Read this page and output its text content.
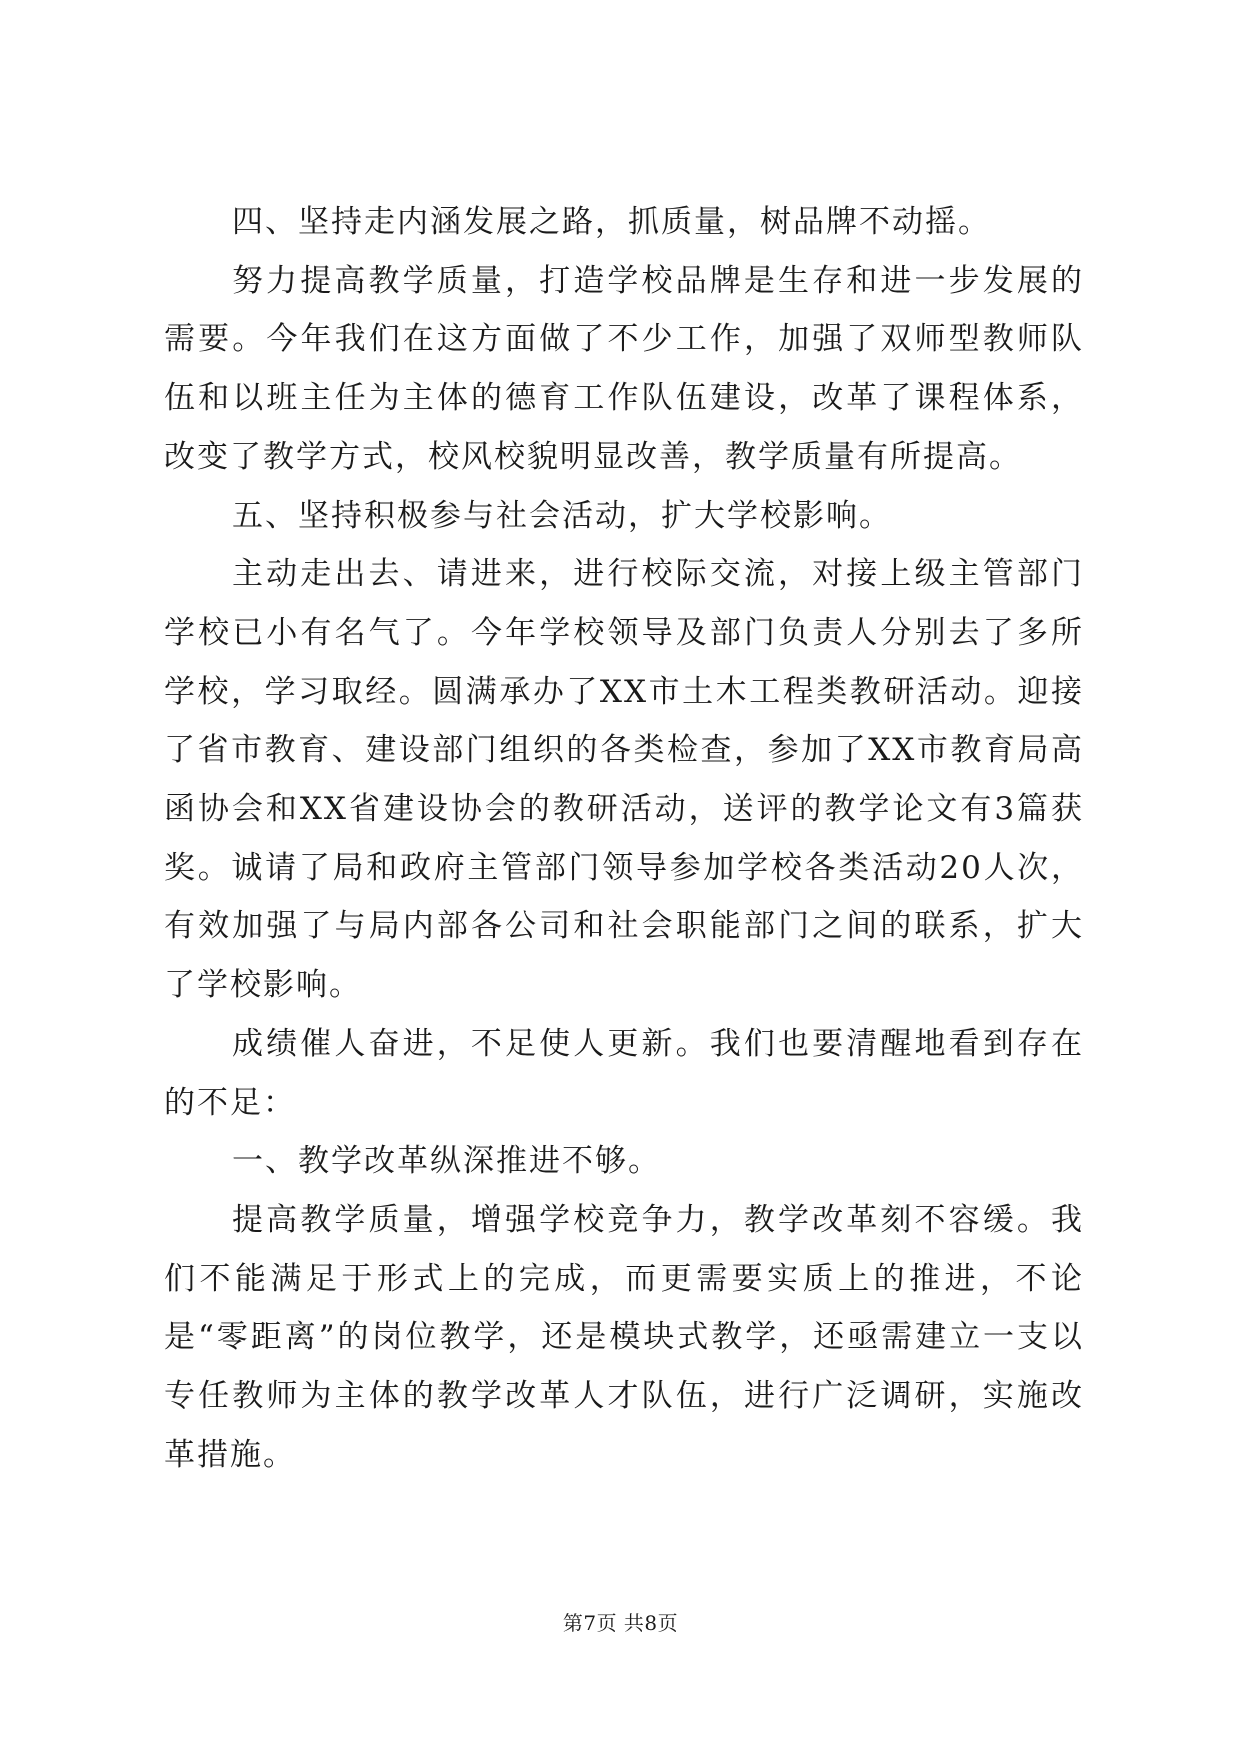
四、坚持走内涵发展之路，抓质量，树品牌不动摇。

努力提高教学质量，打造学校品牌是生存和进一步发展的需要。今年我们在这方面做了不少工作，加强了双师型教师队伍和以班主任为主体的德育工作队伍建设，改革了课程体系，改变了教学方式，校风校貌明显改善，教学质量有所提高。

五、坚持积极参与社会活动，扩大学校影响。

主动走出去、请进来，进行校际交流，对接上级主管部门学校已小有名气了。今年学校领导及部门负责人分别去了多所学校，学习取经。圆满承办了XX市土木工程类教研活动。迎接了省市教育、建设部门组织的各类检查，参加了XX市教育局高函协会和XX省建设协会的教研活动，送评的教学论文有3篇获奖。诚请了局和政府主管部门领导参加学校各类活动20人次，有效加强了与局内部各公司和社会职能部门之间的联系，扩大了学校影响。

成绩催人奋进，不足使人更新。我们也要清醒地看到存在的不足：

一、教学改革纵深推进不够。

提高教学质量，增强学校竞争力，教学改革刻不容缓。我们不能满足于形式上的完成，而更需要实质上的推进，不论是“零距离”的岗位教学，还是模块式教学，还亟需建立一支以专任教师为主体的教学改革人才队伍，进行广泛调研，实施改革措施。

第7页 共8页
